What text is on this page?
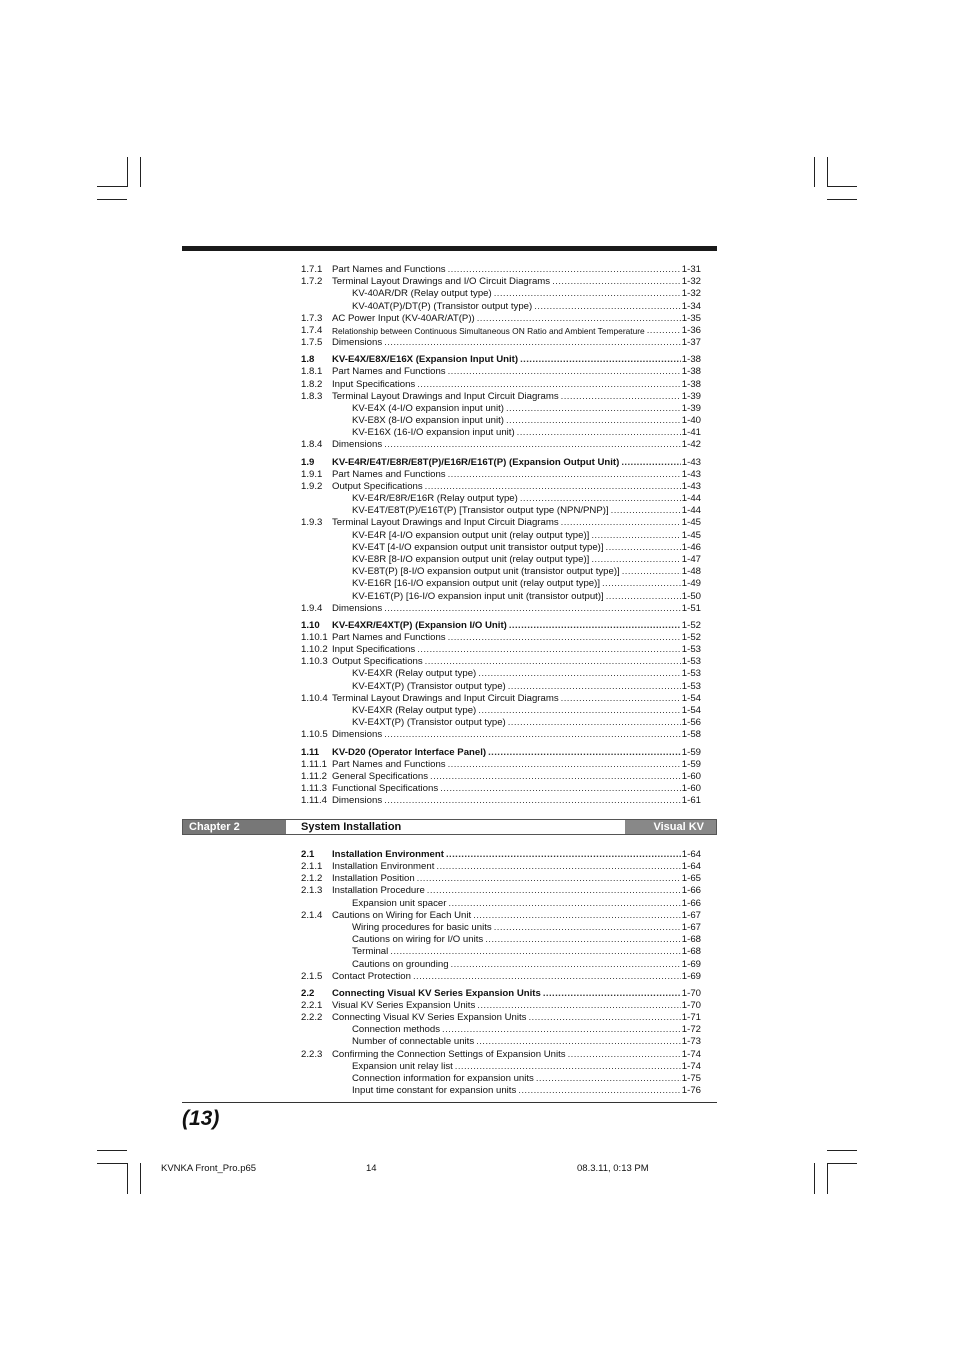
1.7.1 Part Names and Functions .....	1-31
1.7.2 Terminal Layout Drawings and I/O Circuit Diagrams .....	1-32
KV-40AR/DR (Relay output type) .....	1-32
KV-40AT(P)/DT(P) (Transistor output type) .....	1-34
1.7.3 AC Power Input (KV-40AR/AT(P)) .....	1-35
1.7.4 Relationship between Continuous Simultaneous ON Ratio and Ambient Temperature .....	1-36
1.7.5 Dimensions .....	1-37
1.8 KV-E4X/E8X/E16X (Expansion Input Unit) .....	1-38
1.8.1 Part Names and Functions .....	1-38
1.8.2 Input Specifications .....	1-38
1.8.3 Terminal Layout Drawings and Input Circuit Diagrams .....	1-39
KV-E4X (4-I/O expansion input unit) .....	1-39
KV-E8X (8-I/O expansion input unit) .....	1-40
KV-E16X (16-I/O expansion input unit) .....	1-41
1.8.4 Dimensions .....	1-42
1.9 KV-E4R/E4T/E8R/E8T(P)/E16R/E16T(P) (Expansion Output Unit) .....	1-43
1.9.1 Part Names and Functions .....	1-43
1.9.2 Output Specifications .....	1-43
KV-E4R/E8R/E16R (Relay output type) .....	1-44
KV-E4T/E8T(P)/E16T(P) [Transistor output type (NPN/PNP)] .....	1-44
1.9.3 Terminal Layout Drawings and Input Circuit Diagrams .....	1-45
KV-E4R [4-I/O expansion output unit (relay output type)] .....	1-45
KV-E4T [4-I/O expansion output unit transistor output type)] .....	1-46
KV-E8R [8-I/O expansion output unit (relay output type)] .....	1-47
KV-E8T(P) [8-I/O expansion output unit (transistor output type)] .....	1-48
KV-E16R [16-I/O expansion output unit (relay output type)] .....	1-49
KV-E16T(P) [16-I/O expansion input unit (transistor output)] .....	1-50
1.9.4 Dimensions .....	1-51
1.10 KV-E4XR/E4XT(P) (Expansion I/O Unit) .....	1-52
1.10.1 Part Names and Functions .....	1-52
1.10.2 Input Specifications .....	1-53
1.10.3 Output Specifications .....	1-53
KV-E4XR (Relay output type) .....	1-53
KV-E4XT(P) (Transistor output type) .....	1-53
1.10.4 Terminal Layout Drawings and Input Circuit Diagrams .....	1-54
KV-E4XR (Relay output type) .....	1-54
KV-E4XT(P) (Transistor output type) .....	1-56
1.10.5 Dimensions .....	1-58
1.11 KV-D20 (Operator Interface Panel) .....	1-59
1.11.1 Part Names and Functions .....	1-59
1.11.2 General Specifications .....	1-60
1.11.3 Functional Specifications .....	1-60
1.11.4 Dimensions .....	1-61
Chapter 2	System Installation	Visual KV
2.1 Installation Environment .....	1-64
2.1.1 Installation Environment .....	1-64
2.1.2 Installation Position .....	1-65
2.1.3 Installation Procedure .....	1-66
Expansion unit spacer .....	1-66
2.1.4 Cautions on Wiring for Each Unit .....	1-67
Wiring procedures for basic units .....	1-67
Cautions on wiring for I/O units .....	1-68
Terminal .....	1-68
Cautions on grounding .....	1-69
2.1.5 Contact Protection .....	1-69
2.2 Connecting Visual KV Series Expansion Units .....	1-70
2.2.1 Visual KV Series Expansion Units .....	1-70
2.2.2 Connecting Visual KV Series Expansion Units .....	1-71
Connection methods .....	1-72
Number of connectable units .....	1-73
2.2.3 Confirming the Connection Settings of Expansion Units .....	1-74
Expansion unit relay list .....	1-74
Connection information for expansion units .....	1-75
Input time constant for expansion units .....	1-76
(13)
KVNKA Front_Pro.p65	14	08.3.11, 0:13 PM
